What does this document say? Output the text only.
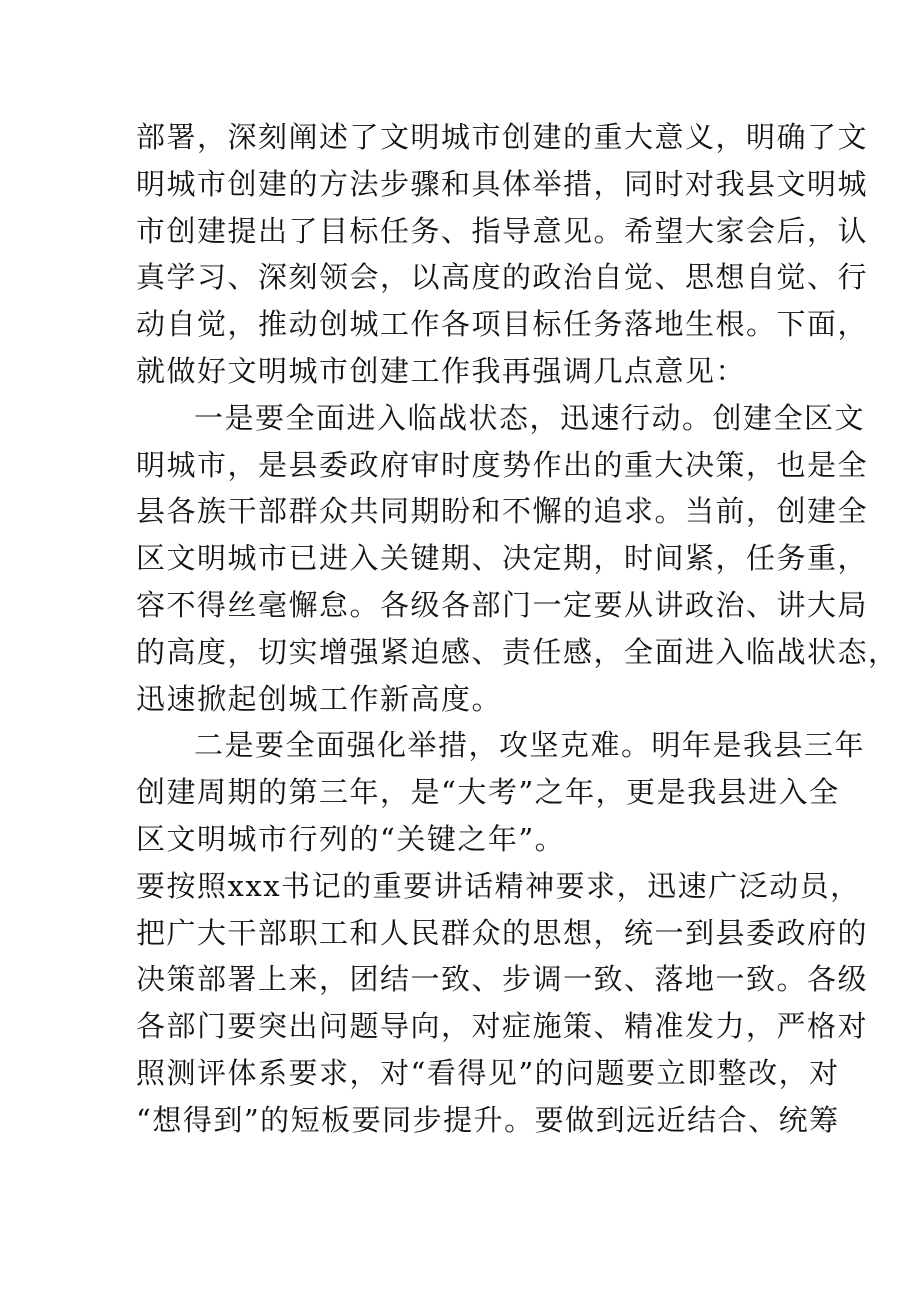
部署，深刻阐述了文明城市创建的重大意义，明确了文
明城市创建的方法步骤和具体举措，同时对我县文明城
市创建提出了目标任务、指导意见。希望大家会后，认
真学习、深刻领会，以高度的政治自觉、思想自觉、行
动自觉，推动创城工作各项目标任务落地生根。下面，
就做好文明城市创建工作我再强调几点意见：
一是要全面进入临战状态，迅速行动。创建全区文
明城市，是县委政府审时度势作出的重大决策，也是全
县各族干部群众共同期盼和不懈的追求。当前，创建全
区文明城市已进入关键期、决定期，时间紧，任务重，
容不得丝毫懈怠。各级各部门一定要从讲政治、讲大局
的高度，切实增强紧迫感、责任感，全面进入临战状态，
迅速掀起创城工作新高度。
二是要全面强化举措，攻坚克难。明年是我县三年
创建周期的第三年，是“大考”之年，更是我县进入全
区文明城市行列的“关键之年”。
要按照xxx书记的重要讲话精神要求，迅速广泛动员，
把广大干部职工和人民群众的思想，统一到县委政府的
决策部署上来，团结一致、步调一致、落地一致。各级
各部门要突出问题导向，对症施策、精准发力，严格对
照测评体系要求，对“看得见”的问题要立即整改，对
“想得到”的短板要同步提升。要做到远近结合、统筹
